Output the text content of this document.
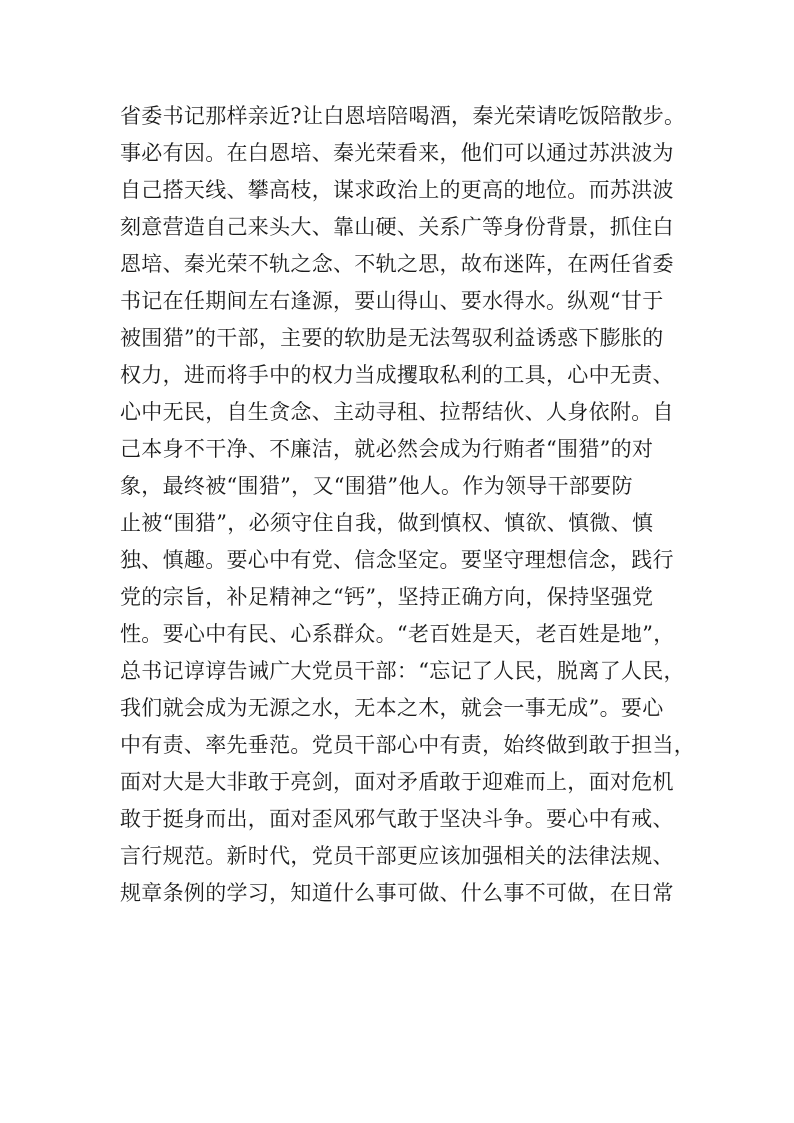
省委书记那样亲近?让白恩培陪喝酒，秦光荣请吃饭陪散步。
事必有因。在白恩培、秦光荣看来，他们可以通过苏洪波为
自己搭天线、攀高枝，谋求政治上的更高的地位。而苏洪波
刻意营造自己来头大、靠山硬、关系广等身份背景，抓住白
恩培、秦光荣不轨之念、不轨之思，故布迷阵，在两任省委
书记在任期间左右逢源，要山得山、要水得水。纵观“甘于
被围猎”的干部，主要的软肋是无法驾驭利益诱惑下膨胀的
权力，进而将手中的权力当成攫取私利的工具，心中无责、
心中无民，自生贪念、主动寻租、拉帮结伙、人身依附。自
己本身不干净、不廉洁，就必然会成为行贿者“围猎”的对
象，最终被“围猎”，又“围猎”他人。作为领导干部要防
止被“围猎”，必须守住自我，做到慎权、慎欲、慎微、慎
独、慎趣。要心中有党、信念坚定。要坚守理想信念，践行
党的宗旨，补足精神之“钙”，坚持正确方向，保持坚强党
性。要心中有民、心系群众。“老百姓是天，老百姓是地”，
总书记谆谆告诫广大党员干部：“忘记了人民，脱离了人民，
我们就会成为无源之水，无本之木，就会一事无成”。要心
中有责、率先垂范。党员干部心中有责，始终做到敢于担当，
面对大是大非敢于亮剑，面对矛盾敢于迎难而上，面对危机
敢于挺身而出，面对歪风邪气敢于坚决斗争。要心中有戒、
言行规范。新时代，党员干部更应该加强相关的法律法规、
规章条例的学习，知道什么事可做、什么事不可做，在日常
